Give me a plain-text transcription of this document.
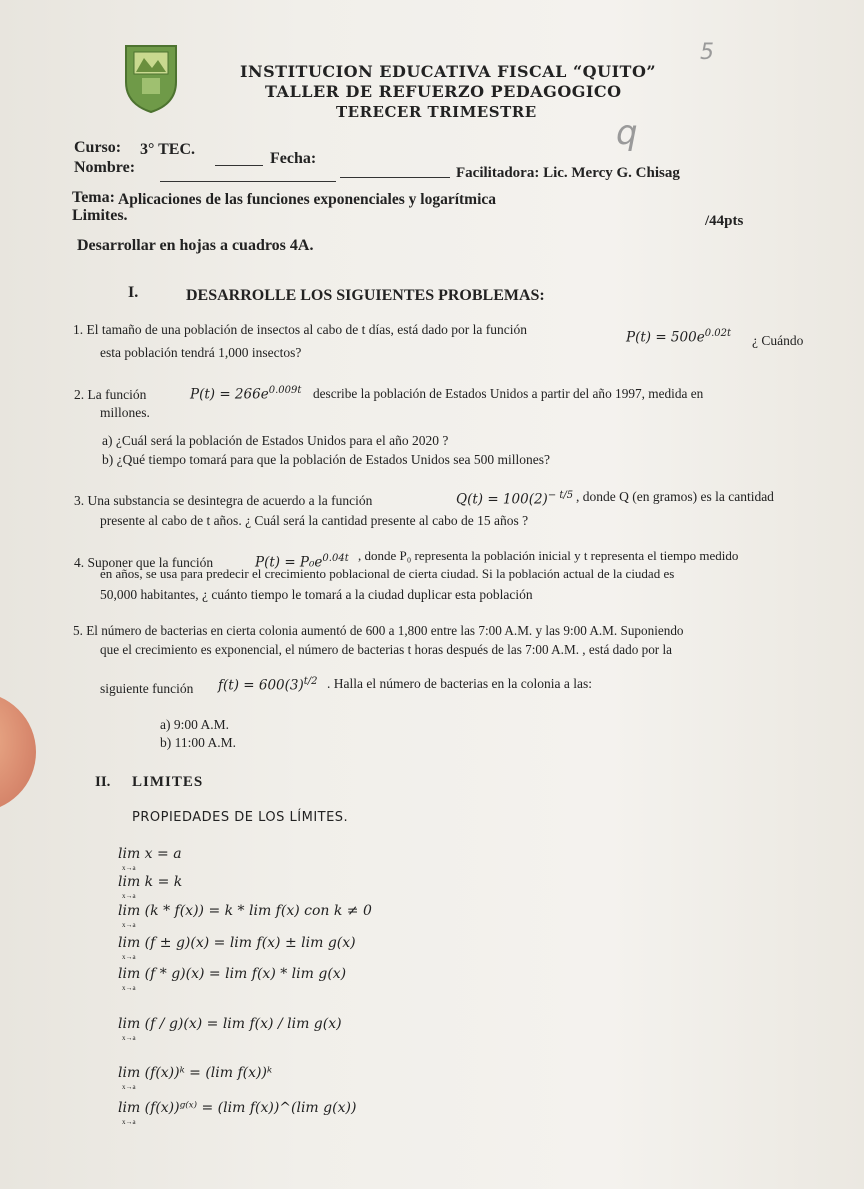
INSTITUCION EDUCATIVA FISCAL “QUITO”
TALLER DE REFUERZO PEDAGOGICO
TERECER TRIMESTRE
Curso: 3° TEC.
Fecha:
Nombre:	Facilitadora: Lic. Mercy G. Chisag
Tema: Aplicaciones de las funciones exponenciales y logarítmica
Limites.	/44pts
Desarrollar en hojas a cuadros 4A.
q
5
I.	DESARROLLE LOS SIGUIENTES PROBLEMAS:
1. El tamaño de una población de insectos al cabo de t días, está dado por la función	$P(t) = 500e^{0.02t}$ ¿ Cuándo
esta población tendrá 1,000 insectos?
2. La función	$P(t) = 266e^{0.009t}$ describe la población de Estados Unidos a partir del año 1997, medida en
millones.
a) ¿Cuál será la población de Estados Unidos para el año 2020 ?
b) ¿Qué tiempo tomará para que la población de Estados Unidos sea 500 millones?
3. Una substancia se desintegra de acuerdo a la función	$Q(t) = 100(2)^{- t/5}$ , donde Q (en gramos) es la cantidad
presente al cabo de t años. ¿ Cuál será la cantidad presente al cabo de 15 años ?
4. Suponer que la función	$P(t) = P_0e^{0.04t}$ , donde P₀ representa la población inicial y t representa el tiempo medido
en años, se usa para predecir el crecimiento poblacional de cierta ciudad. Si la población actual de la ciudad es
50,000 habitantes, ¿ cuánto tiempo le tomará a la ciudad duplicar esta población
5. El número de bacterias en cierta colonia aumentó de 600 a 1,800 entre las 7:00 A.M. y las 9:00 A.M. Suponiendo
que el crecimiento es exponencial, el número de bacterias t horas después de las 7:00 A.M. , está dado por la
siguiente función $f(t) = 600(3)^{t/2}$ . Halla el número de bacterias en la colonia a las:
a) 9:00 A.M.
b) 11:00 A.M.
II. LIMITES
PROPIEDADES DE LOS LÍMITES.
lim x = a
lim k = k
lim (k * f(x)) = k * lim f(x) con k ≠ 0
lim (f ± g)(x) = lim f(x) ± lim g(x)
lim (f * g)(x) = lim f(x) * lim g(x)
lim (f / g)(x) = lim f(x) / lim g(x)
lim (f(x))ᵏ = (lim f(x))ᵏ
lim (f(x))ᵍ⁽ˣ⁾ = (lim f(x))^(lim g(x))
x→a
x→a
x→a
x→a
x→a
x→a
x→a
x→a
